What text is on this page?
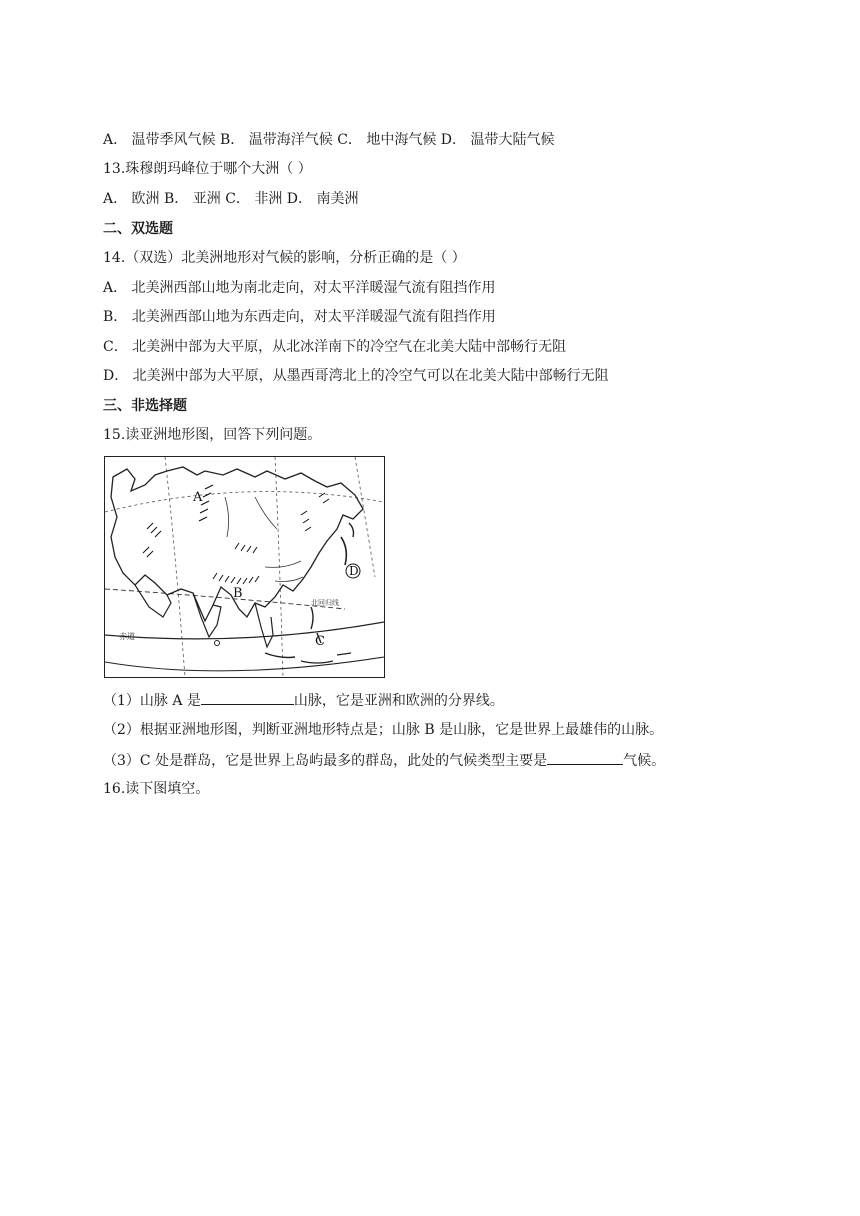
A． 温带季风气候 B． 温带海洋气候 C． 地中海气候 D． 温带大陆气候
13.珠穆朗玛峰位于哪个大洲（ ）
A． 欧洲 B． 亚洲 C． 非洲 D． 南美洲
二、双选题
14.（双选）北美洲地形对气候的影响，分析正确的是（ ）
A． 北美洲西部山地为南北走向，对太平洋暖湿气流有阻挡作用
B． 北美洲西部山地为东西走向，对太平洋暖湿气流有阻挡作用
C． 北美洲中部为大平原，从北冰洋南下的冷空气在北美大陆中部畅行无阻
D． 北美洲中部为大平原，从墨西哥湾北上的冷空气可以在北美大陆中部畅行无阻
三、非选择题
15.读亚洲地形图，回答下列问题。
A
B
C
D
赤道
北回归线
（1）山脉 A 是	山脉，它是亚洲和欧洲的分界线。
（2）根据亚洲地形图，判断亚洲地形特点是；山脉 B 是山脉，它是世界上最雄伟的山脉。
（3）C 处是群岛，它是世界上岛屿最多的群岛，此处的气候类型主要是	气候。
16.读下图填空。
